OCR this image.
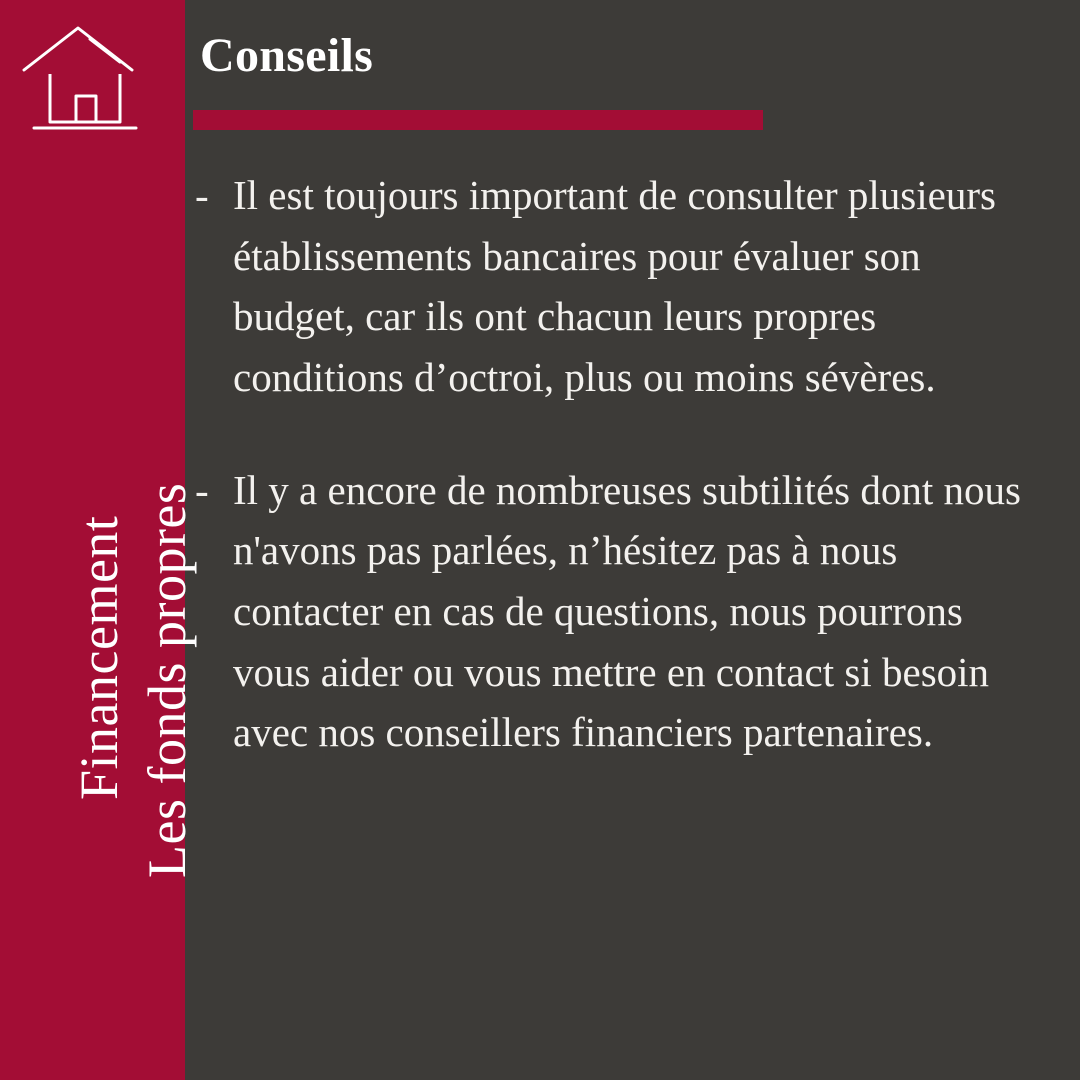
Financement Les fonds propres
Conseils
- Il est toujours important de consulter plusieurs établissements bancaires pour évaluer son budget, car ils ont chacun leurs propres conditions d’octroi, plus ou moins sévères.
- Il y a encore de nombreuses subtilités dont nous n'avons pas parlées, n’hésitez pas à nous contacter en cas de questions, nous pourrons vous aider ou vous mettre en contact si besoin avec nos conseillers financiers partenaires.
